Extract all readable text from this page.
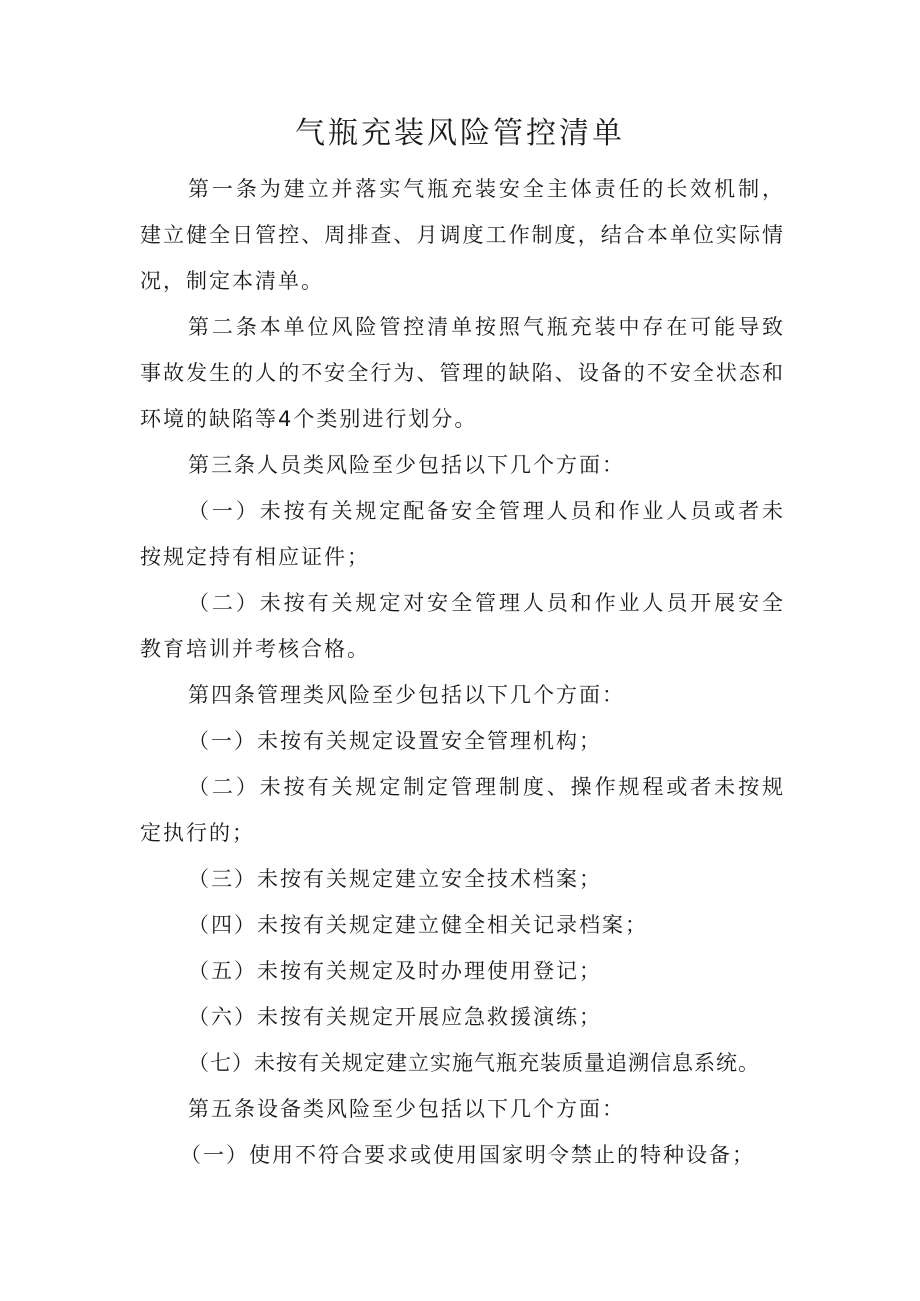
气瓶充装风险管控清单

第一条为建立并落实气瓶充装安全主体责任的长效机制，建立健全日管控、周排查、月调度工作制度，结合本单位实际情况，制定本清单。

第二条本单位风险管控清单按照气瓶充装中存在可能导致事故发生的人的不安全行为、管理的缺陷、设备的不安全状态和环境的缺陷等4个类别进行划分。

第三条人员类风险至少包括以下几个方面：

（一）未按有关规定配备安全管理人员和作业人员或者未按规定持有相应证件；

（二）未按有关规定对安全管理人员和作业人员开展安全教育培训并考核合格。

第四条管理类风险至少包括以下几个方面：

（一）未按有关规定设置安全管理机构；

（二）未按有关规定制定管理制度、操作规程或者未按规定执行的；

（三）未按有关规定建立安全技术档案；

（四）未按有关规定建立健全相关记录档案；

（五）未按有关规定及时办理使用登记；

（六）未按有关规定开展应急救援演练；

（七）未按有关规定建立实施气瓶充装质量追溯信息系统。

第五条设备类风险至少包括以下几个方面：

（一）使用不符合要求或使用国家明令禁止的特种设备；
